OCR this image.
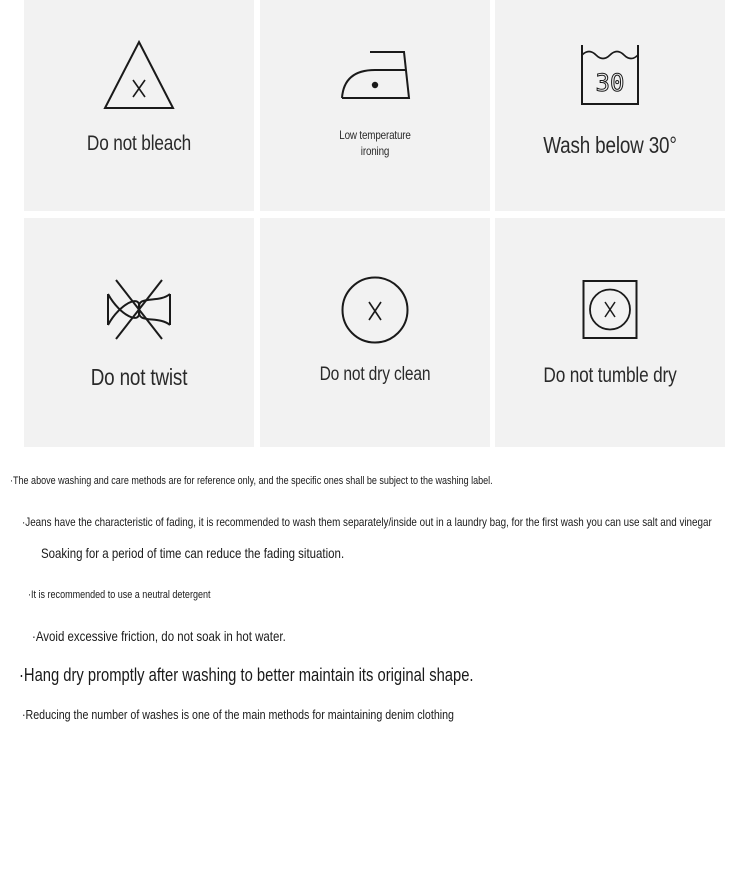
Do not bleach	Low temperature
ironing
30
Wash below 30°
Do not twist	Do not dry clean	Do not tumble dry
·The above washing and care methods are for reference only, and the specific ones shall be subject to the washing label.
·Jeans have the characteristic of fading, it is recommended to wash them separately/inside out in a laundry bag, for the first wash you can use salt and vinegar
Soaking for a period of time can reduce the fading situation.
·It is recommended to use a neutral detergent
·Avoid excessive friction, do not soak in hot water.
·Hang dry promptly after washing to better maintain its original shape.
·Reducing the number of washes is one of the main methods for maintaining denim clothing
